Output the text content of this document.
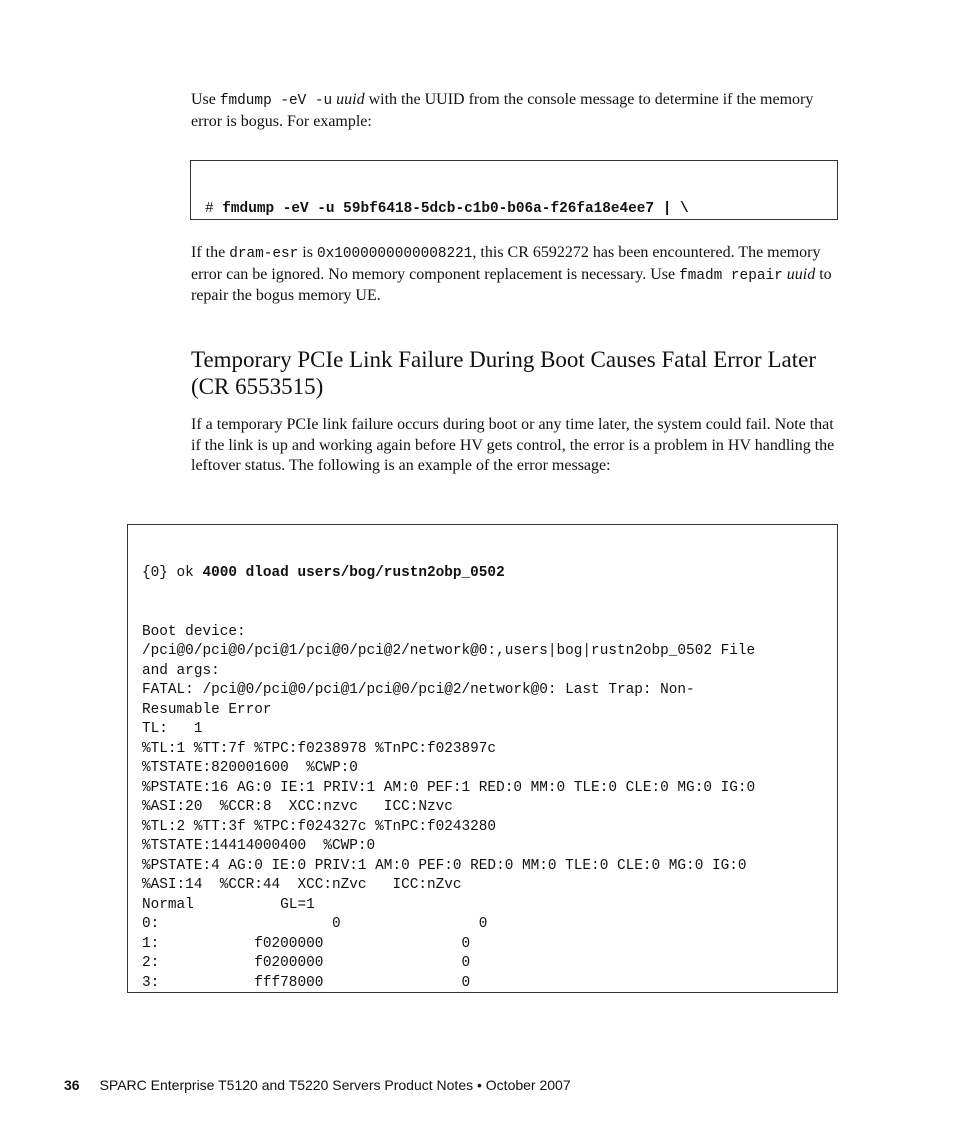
Use fmdump -eV -u uuid with the UUID from the console message to determine if the memory error is bogus. For example:

# fmdump -eV -u 59bf6418-5dcb-c1b0-b06a-f26fa18e4ee7 | \

If the dram-esr is 0x1000000000008221, this CR 6592272 has been encountered. The memory error can be ignored. No memory component replacement is necessary. Use fmadm repair uuid to repair the bogus memory UE.
Temporary PCIe Link Failure During Boot Causes Fatal Error Later (CR 6553515)
If a temporary PCIe link failure occurs during boot or any time later, the system could fail. Note that if the link is up and working again before HV gets control, the error is a problem in HV handling the leftover status. The following is an example of the error message:

{0} ok 4000 dload users/bog/rustn2obp_0502

Boot device:
/pci@0/pci@0/pci@1/pci@0/pci@2/network@0:,users|bog|rustn2obp_0502 File
and args:
FATAL: /pci@0/pci@0/pci@1/pci@0/pci@2/network@0: Last Trap: Non-
Resumable Error
TL:   1
%TL:1 %TT:7f %TPC:f0238978 %TnPC:f023897c
%TSTATE:820001600  %CWP:0
%PSTATE:16 AG:0 IE:1 PRIV:1 AM:0 PEF:1 RED:0 MM:0 TLE:0 CLE:0 MG:0 IG:0
%ASI:20  %CCR:8  XCC:nzvc   ICC:Nzvc
%TL:2 %TT:3f %TPC:f024327c %TnPC:f0243280
%TSTATE:14414000400  %CWP:0
%PSTATE:4 AG:0 IE:0 PRIV:1 AM:0 PEF:0 RED:0 MM:0 TLE:0 CLE:0 MG:0 IG:0
%ASI:14  %CCR:44  XCC:nZvc   ICC:nZvc
Normal          GL=1
0:                    0                0
1:           f0200000                0
2:           f0200000                0
3:           fff78000                0

36 SPARC Enterprise T5120 and T5220 Servers Product Notes • October 2007
